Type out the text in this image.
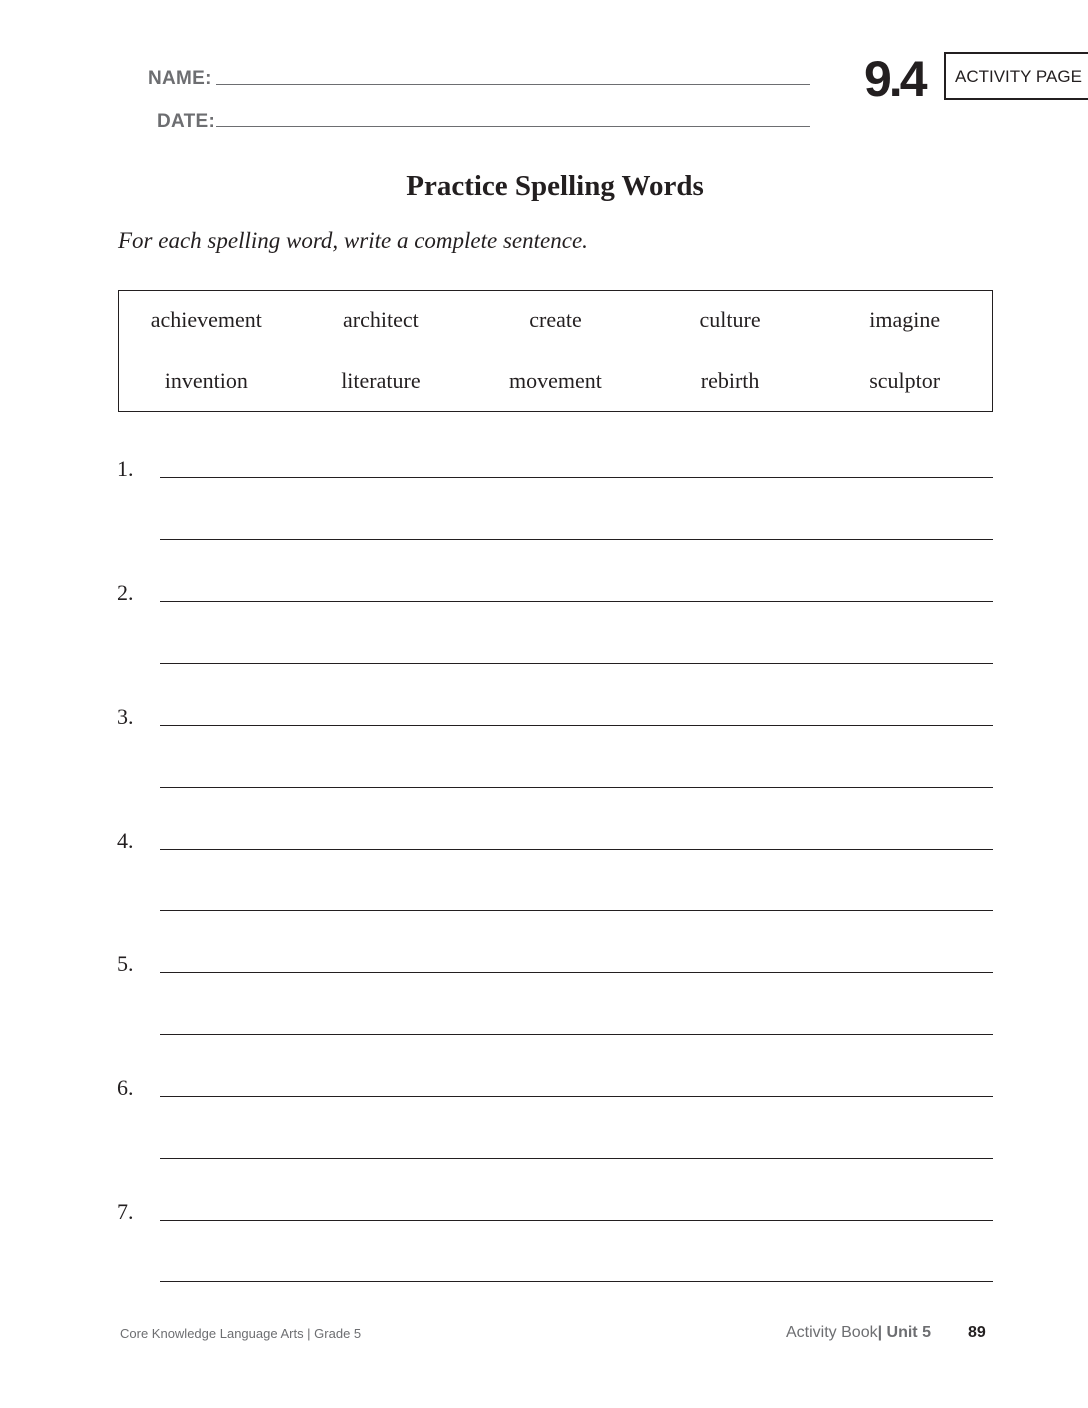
NAME:
DATE:
9.4	ACTIVITY PAGE
Practice Spelling Words
For each spelling word, write a complete sentence.
achievement	architect	create	culture	imagine
invention	literature	movement	rebirth	sculptor
1.
2.
3.
4.
5.
6.
7.
Core Knowledge Language Arts | Grade 5	Activity Book| Unit 5 89
